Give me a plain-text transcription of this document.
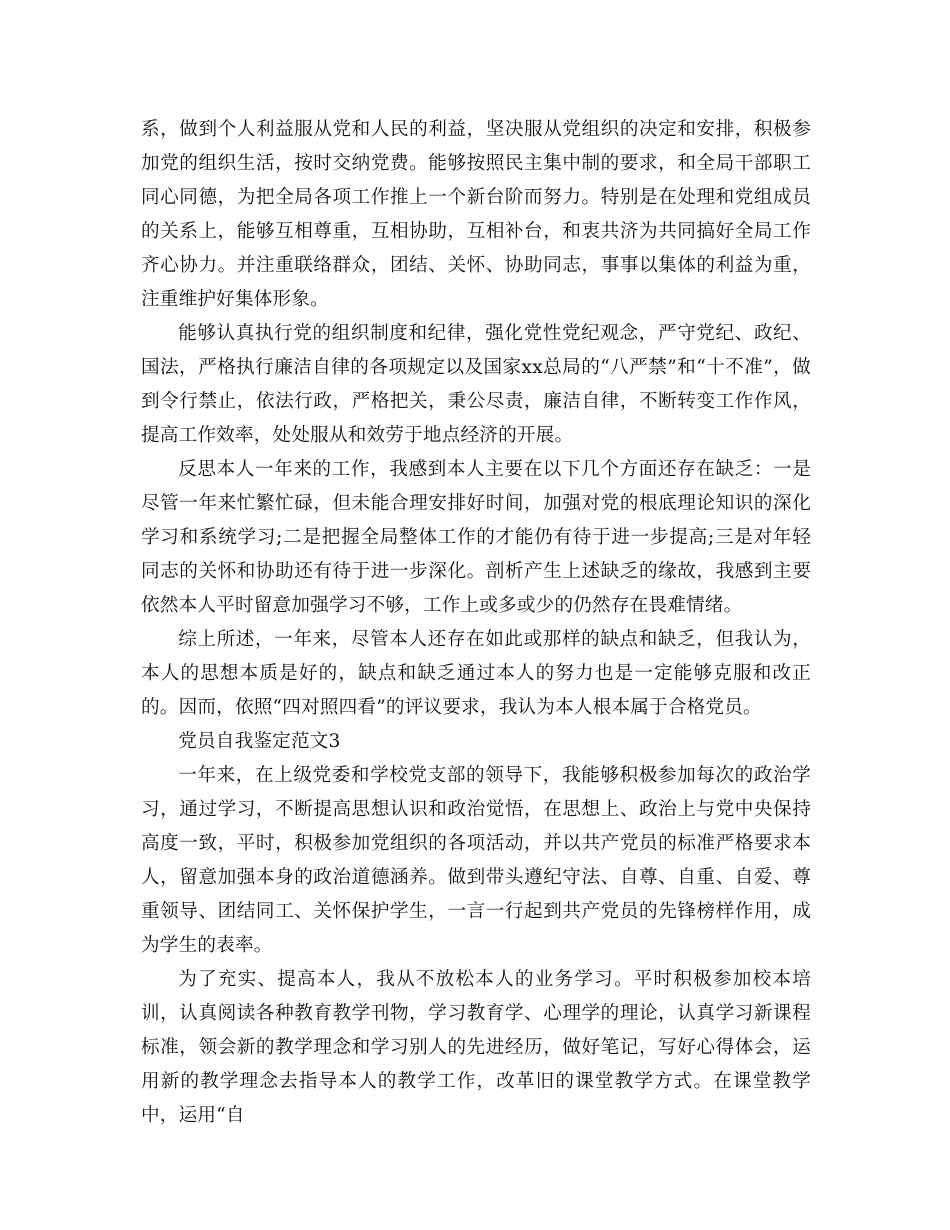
系，做到个人利益服从党和人民的利益，坚决服从党组织的决定和安排，积极参加党的组织生活，按时交纳党费。能够按照民主集中制的要求，和全局干部职工同心同德，为把全局各项工作推上一个新台阶而努力。特别是在处理和党组成员的关系上，能够互相尊重，互相协助，互相补台，和衷共济为共同搞好全局工作齐心协力。并注重联络群众，团结、关怀、协助同志，事事以集体的利益为重，注重维护好集体形象。

能够认真执行党的组织制度和纪律，强化党性党纪观念，严守党纪、政纪、国法，严格执行廉洁自律的各项规定以及国家xx总局的“八严禁”和“十不准”，做到令行禁止，依法行政，严格把关，秉公尽责，廉洁自律，不断转变工作作风，提高工作效率，处处服从和效劳于地点经济的开展。

反思本人一年来的工作，我感到本人主要在以下几个方面还存在缺乏：一是尽管一年来忙繁忙碌，但未能合理安排好时间，加强对党的根底理论知识的深化学习和系统学习;二是把握全局整体工作的才能仍有待于进一步提高;三是对年轻同志的关怀和协助还有待于进一步深化。剖析产生上述缺乏的缘故，我感到主要依然本人平时留意加强学习不够，工作上或多或少的仍然存在畏难情绪。

综上所述，一年来，尽管本人还存在如此或那样的缺点和缺乏，但我认为，本人的思想本质是好的，缺点和缺乏通过本人的努力也是一定能够克服和改正的。因而，依照“四对照四看”的评议要求，我认为本人根本属于合格党员。

党员自我鉴定范文3

一年来，在上级党委和学校党支部的领导下，我能够积极参加每次的政治学习，通过学习，不断提高思想认识和政治觉悟，在思想上、政治上与党中央保持高度一致，平时，积极参加党组织的各项活动，并以共产党员的标准严格要求本人，留意加强本身的政治道德涵养。做到带头遵纪守法、自尊、自重、自爱、尊重领导、团结同工、关怀保护学生，一言一行起到共产党员的先锋榜样作用，成为学生的表率。

为了充实、提高本人，我从不放松本人的业务学习。平时积极参加校本培训，认真阅读各种教育教学刊物，学习教育学、心理学的理论，认真学习新课程标准，领会新的教学理念和学习别人的先进经历，做好笔记，写好心得体会，运用新的教学理念去指导本人的教学工作，改革旧的课堂教学方式。在课堂教学中，运用“自
